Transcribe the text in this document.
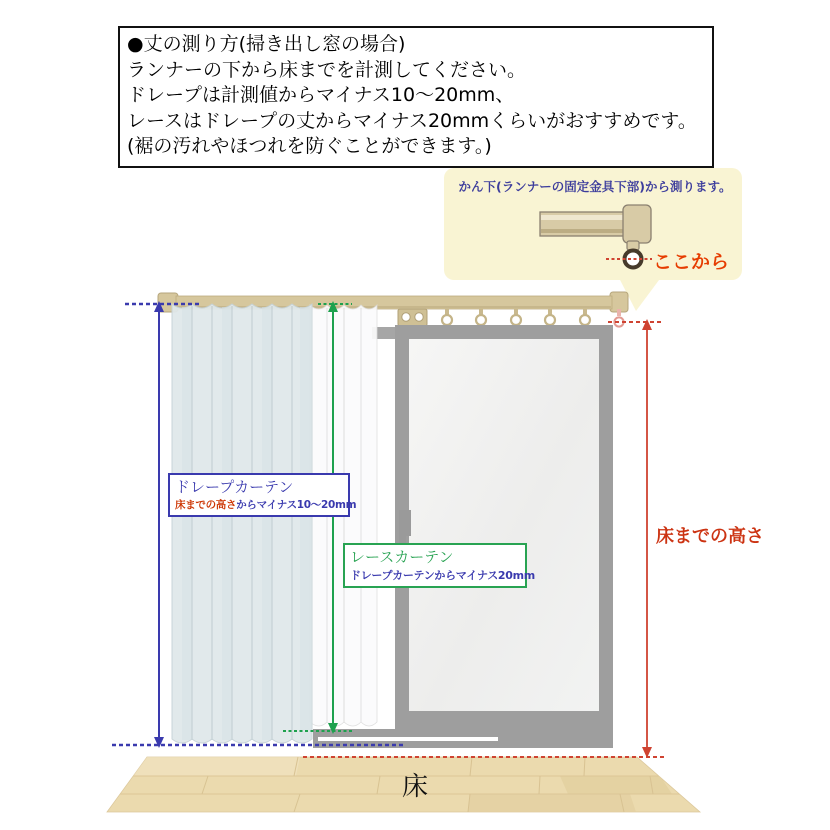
●丈の測り方(掃き出し窓の場合)
ランナーの下から床までを計測してください。
ドレープは計測値からマイナス10〜20mm、
レースはドレープの丈からマイナス20mmくらいがおすすめです。
(裾の汚れやほつれを防ぐことができます。)
かん下(ランナーの固定金具下部)から測ります。
ここから
ドレープカーテン
床までの高さからマイナス10〜20mm
レースカーテン
ドレープカーテンからマイナス20mm
床までの高さ
床
